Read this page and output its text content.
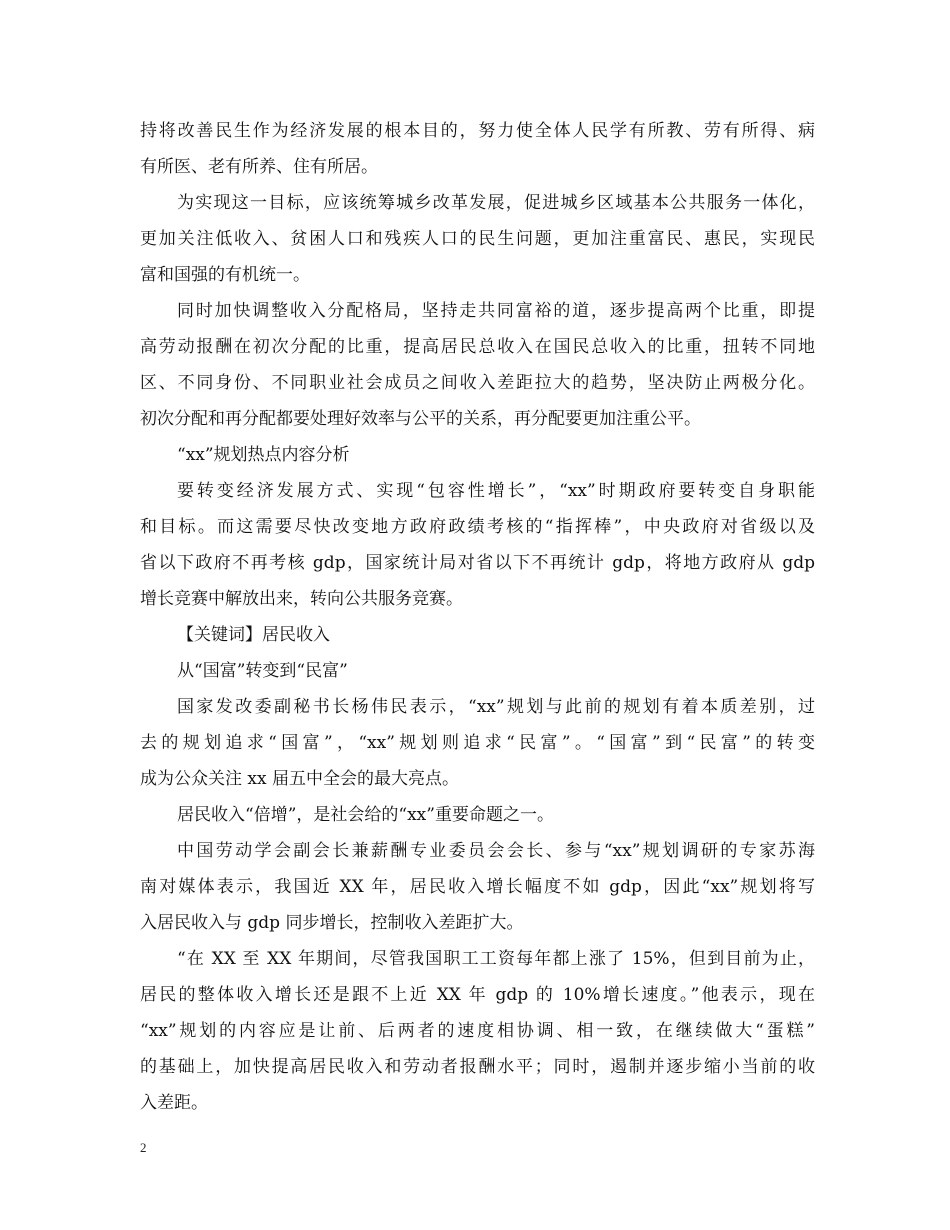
持将改善民生作为经济发展的根本目的，努力使全体人民学有所教、劳有所得、病
有所医、老有所养、住有所居。
为实现这一目标，应该统筹城乡改革发展，促进城乡区域基本公共服务一体化，
更加关注低收入、贫困人口和残疾人口的民生问题，更加注重富民、惠民，实现民
富和国强的有机统一。
同时加快调整收入分配格局，坚持走共同富裕的道，逐步提高两个比重，即提
高劳动报酬在初次分配的比重，提高居民总收入在国民总收入的比重，扭转不同地
区、不同身份、不同职业社会成员之间收入差距拉大的趋势，坚决防止两极分化。
初次分配和再分配都要处理好效率与公平的关系，再分配要更加注重公平。
“xx”规划热点内容分析
要转变经济发展方式、实现“包容性增长”，“xx”时期政府要转变自身职能
和目标。而这需要尽快改变地方政府政绩考核的“指挥棒”，中央政府对省级以及
省以下政府不再考核 gdp，国家统计局对省以下不再统计 gdp，将地方政府从 gdp
增长竞赛中解放出来，转向公共服务竞赛。
【关键词】居民收入
从“国富”转变到“民富”
国家发改委副秘书长杨伟民表示，“xx”规划与此前的规划有着本质差别，过
去的规划追求“国富”，“xx”规划则追求“民富”。“国富”到“民富”的转变
成为公众关注 xx 届五中全会的最大亮点。
居民收入“倍增”，是社会给的“xx”重要命题之一。
中国劳动学会副会长兼薪酬专业委员会会长、参与“xx”规划调研的专家苏海
南对媒体表示，我国近 XX 年，居民收入增长幅度不如 gdp，因此“xx”规划将写
入居民收入与 gdp 同步增长，控制收入差距扩大。
“在 XX 至 XX 年期间，尽管我国职工工资每年都上涨了 15%，但到目前为止，
居民的整体收入增长还是跟不上近 XX 年 gdp 的 10%增长速度。”他表示，现在
“xx”规划的内容应是让前、后两者的速度相协调、相一致，在继续做大“蛋糕”
的基础上，加快提高居民收入和劳动者报酬水平；同时，遏制并逐步缩小当前的收
入差距。
2
